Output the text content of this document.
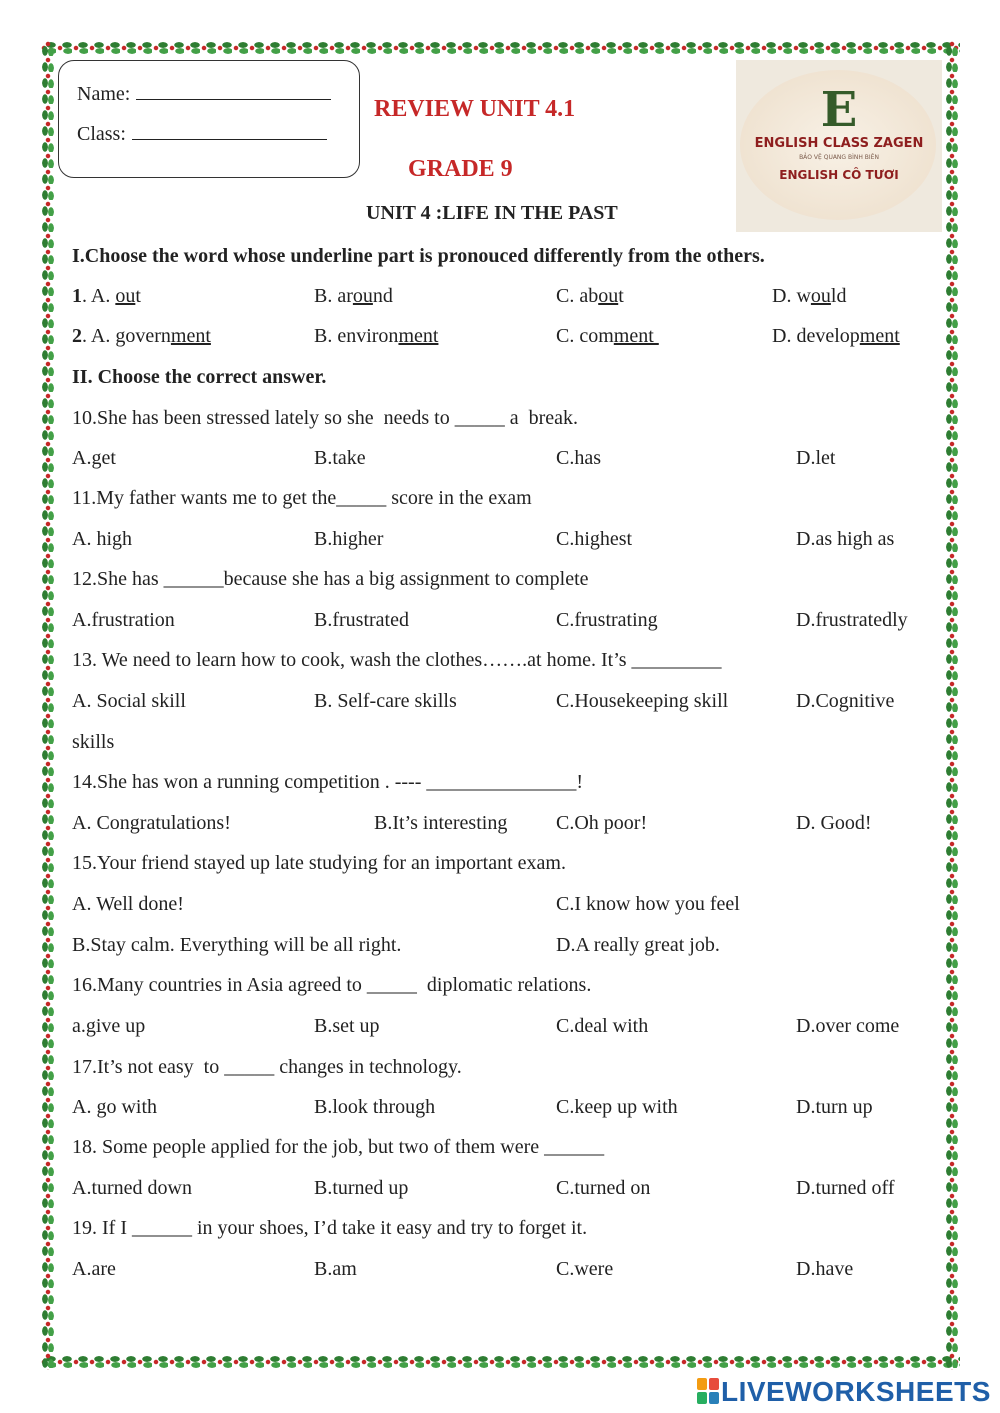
Name:
Class:
REVIEW UNIT 4.1
GRADE 9
UNIT 4 :LIFE IN THE PAST
E
ENGLISH CLASS ZAGEN
BẢO VỆ QUANG BÌNH BIÊN
ENGLISH CÔ TƯƠI
I.Choose the word whose underline part is pronouced differently from the others.
1. A. out	B. around	C. about	D. would
2. A. government	B. environment	C. comment	D. development
II. Choose the correct answer.
10.She has been stressed lately so she  needs to _____ a  break.
A.get	B.take	C.has	D.let
11.My father wants me to get the_____ score in the exam
A. high	B.higher	C.highest	D.as high as
12.She has ______because she has a big assignment to complete
A.frustration	B.frustrated	C.frustrating	D.frustratedly
13. We need to learn how to cook, wash the clothes…….at home. It’s _________
A. Social skill	B. Self-care skills	C.Housekeeping skill	D.Cognitive
skills
14.She has won a running competition . ---- _______________!
A. Congratulations!	B.It’s interesting C.Oh poor!	D. Good!
15.Your friend stayed up late studying for an important exam.
A. Well done!	C.I know how you feel
B.Stay calm. Everything will be all right.	D.A really great job.
16.Many countries in Asia agreed to _____  diplomatic relations.
a.give up	B.set up	C.deal with	D.over come
17.It’s not easy  to _____ changes in technology.
A. go with	B.look through	C.keep up with	D.turn up
18. Some people applied for the job, but two of them were ______
A.turned down	B.turned up	C.turned on	D.turned off
19. If I ______ in your shoes, I’d take it easy and try to forget it.
A.are	B.am	C.were	D.have
LIVEWORKSHEETS
